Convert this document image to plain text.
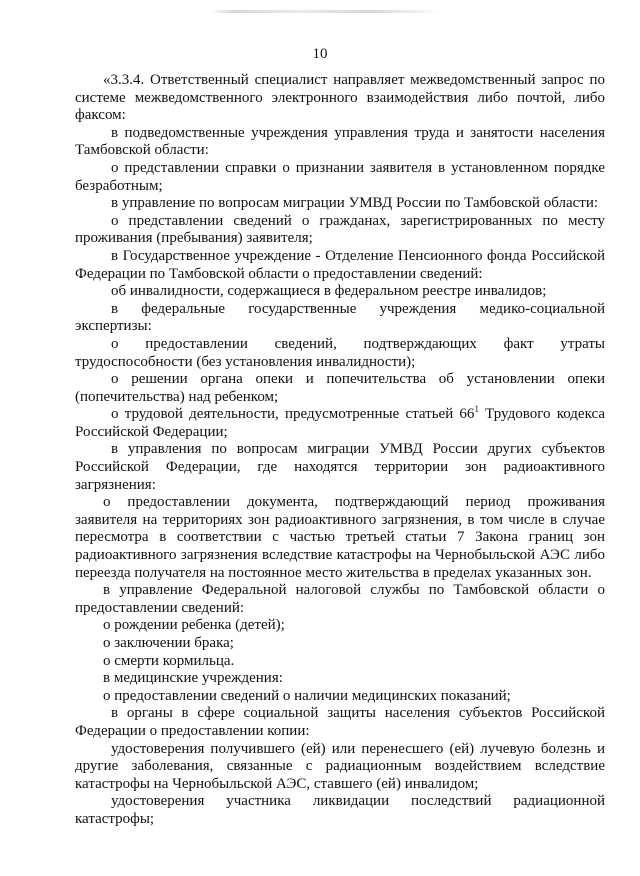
10

«3.3.4. Ответственный специалист направляет межведомственный запрос по системе межведомственного электронного взаимодействия либо почтой, либо факсом:

в подведомственные учреждения управления труда и занятости населения Тамбовской области:

о представлении справки о признании заявителя в установленном порядке безработным;

в управление по вопросам миграции УМВД России по Тамбовской области:

о представлении сведений о гражданах, зарегистрированных по месту проживания (пребывания) заявителя;

в Государственное учреждение - Отделение Пенсионного фонда Российской Федерации по Тамбовской области о предоставлении сведений:

об инвалидности, содержащиеся в федеральном реестре инвалидов;

в федеральные государственные учреждения медико-социальной экспертизы:

о предоставлении сведений, подтверждающих факт утраты трудоспособности (без установления инвалидности);

о решении органа опеки и попечительства об установлении опеки (попечительства) над ребенком;

о трудовой деятельности, предусмотренные статьей $66^1$ Трудового кодекса Российской Федерации;

в управления по вопросам миграции УМВД России других субъектов Российской Федерации, где находятся территории зон радиоактивного загрязнения:

о предоставлении документа, подтверждающий период проживания заявителя на территориях зон радиоактивного загрязнения, в том числе в случае пересмотра в соответствии с частью третьей статьи 7 Закона границ зон радиоактивного загрязнения вследствие катастрофы на Чернобыльской АЭС либо переезда получателя на постоянное место жительства в пределах указанных зон.

в управление Федеральной налоговой службы по Тамбовской области о предоставлении сведений:

о рождении ребенка (детей);

о заключении брака;

о смерти кормильца.

в медицинские учреждения:

о предоставлении сведений о наличии медицинских показаний;

в органы в сфере социальной защиты населения субъектов Российской Федерации о предоставлении копии:

удостоверения получившего (ей) или перенесшего (ей) лучевую болезнь и другие заболевания, связанные с радиационным воздействием вследствие катастрофы на Чернобыльской АЭС, ставшего (ей) инвалидом;

удостоверения участника ликвидации последствий радиационной катастрофы;
